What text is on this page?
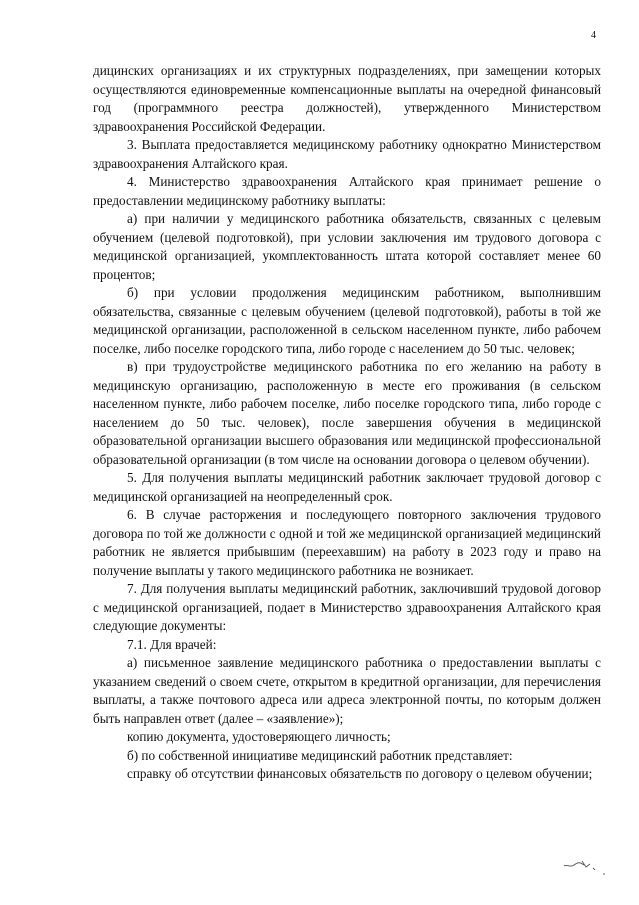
4

дицинских организациях и их структурных подразделениях, при замещении которых осуществляются единовременные компенсационные выплаты на очередной финансовый год (программного реестра должностей), утвержденного Министерством здравоохранения Российской Федерации.

3. Выплата предоставляется медицинскому работнику однократно Министерством здравоохранения Алтайского края.

4. Министерство здравоохранения Алтайского края принимает решение о предоставлении медицинскому работнику выплаты:

а) при наличии у медицинского работника обязательств, связанных с целевым обучением (целевой подготовкой), при условии заключения им трудового договора с медицинской организацией, укомплектованность штата которой составляет менее 60 процентов;

б) при условии продолжения медицинским работником, выполнившим обязательства, связанные с целевым обучением (целевой подготовкой), работы в той же медицинской организации, расположенной в сельском населенном пункте, либо рабочем поселке, либо поселке городского типа, либо городе с населением до 50 тыс. человек;

в) при трудоустройстве медицинского работника по его желанию на работу в медицинскую организацию, расположенную в месте его проживания (в сельском населенном пункте, либо рабочем поселке, либо поселке городского типа, либо городе с населением до 50 тыс. человек), после завершения обучения в медицинской образовательной организации высшего образования или медицинской профессиональной образовательной организации (в том числе на основании договора о целевом обучении).

5. Для получения выплаты медицинский работник заключает трудовой договор с медицинской организацией на неопределенный срок.

6. В случае расторжения и последующего повторного заключения трудового договора по той же должности с одной и той же медицинской организацией медицинский работник не является прибывшим (переехавшим) на работу в 2023 году и право на получение выплаты у такого медицинского работника не возникает.

7. Для получения выплаты медицинский работник, заключивший трудовой договор с медицинской организацией, подает в Министерство здравоохранения Алтайского края следующие документы:

7.1. Для врачей:

а) письменное заявление медицинского работника о предоставлении выплаты с указанием сведений о своем счете, открытом в кредитной организации, для перечисления выплаты, а также почтового адреса или адреса электронной почты, по которым должен быть направлен ответ (далее – «заявление»);

копию документа, удостоверяющего личность;

б) по собственной инициативе медицинский работник представляет:

справку об отсутствии финансовых обязательств по договору о целевом обучении;
